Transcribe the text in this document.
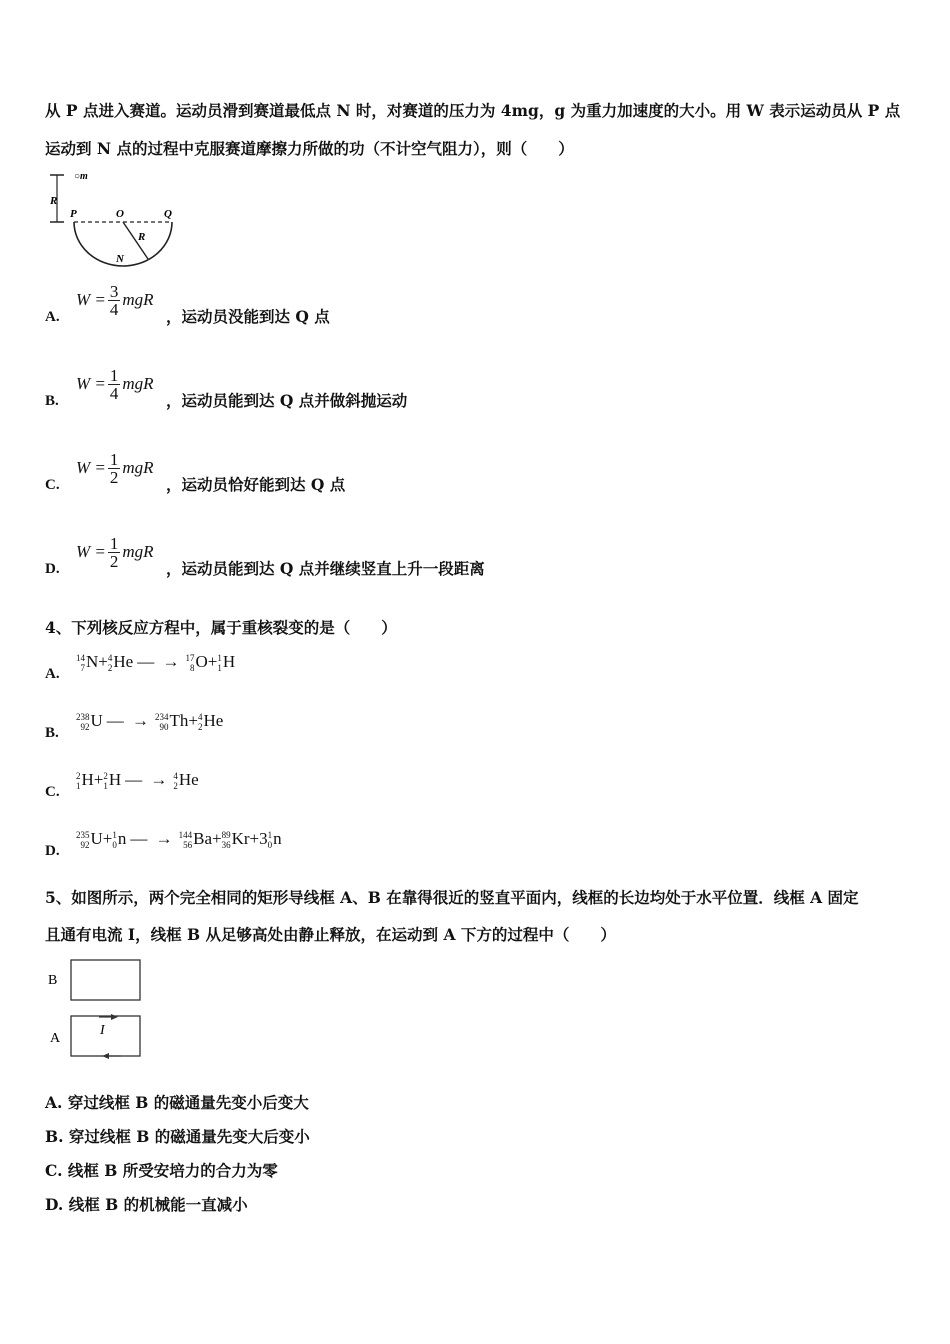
从 P 点进入赛道。运动员滑到赛道最低点 N 时，对赛道的压力为 4mg，g 为重力加速度的大小。用 W 表示运动员从 P 点
运动到 N 点的过程中克服赛道摩擦力所做的功（不计空气阻力），则（　　）
○m
R
P	O	Q
R
N
A.
$W = \frac{3}{4}$ mgR
，运动员没能到达 Q 点
B.
$W = \frac{1}{4}$ mgR
，运动员能到达 Q 点并做斜抛运动
C.
$W = \frac{1}{2}$ mgR
，运动员恰好能到达 Q 点
D.
$W = \frac{1}{2}$ mgR
，运动员能到达 Q 点并继续竖直上升一段距离
4、下列核反应方程中，属于重核裂变的是（　　）
A.
14
7 N+ 4
2 He — → 17
8 O+ 1
1 H
B.
238
92 U — → 234
90 Th+ 4
2 He
C.
2
1 H+ 2
1 H — → 4
2 He
D.
235
92 U+ 1
0 n — → 144
56 Ba+ 89
36 Kr+3 1
0 n
5、如图所示，两个完全相同的矩形导线框 A、B 在靠得很近的竖直平面内，线框的长边均处于水平位置．线框 A 固定
且通有电流 I，线框 B 从足够高处由静止释放，在运动到 A 下方的过程中（　　）
B
A
I
A. 穿过线框 B 的磁通量先变小后变大
B. 穿过线框 B 的磁通量先变大后变小
C. 线框 B 所受安培力的合力为零
D. 线框 B 的机械能一直减小
